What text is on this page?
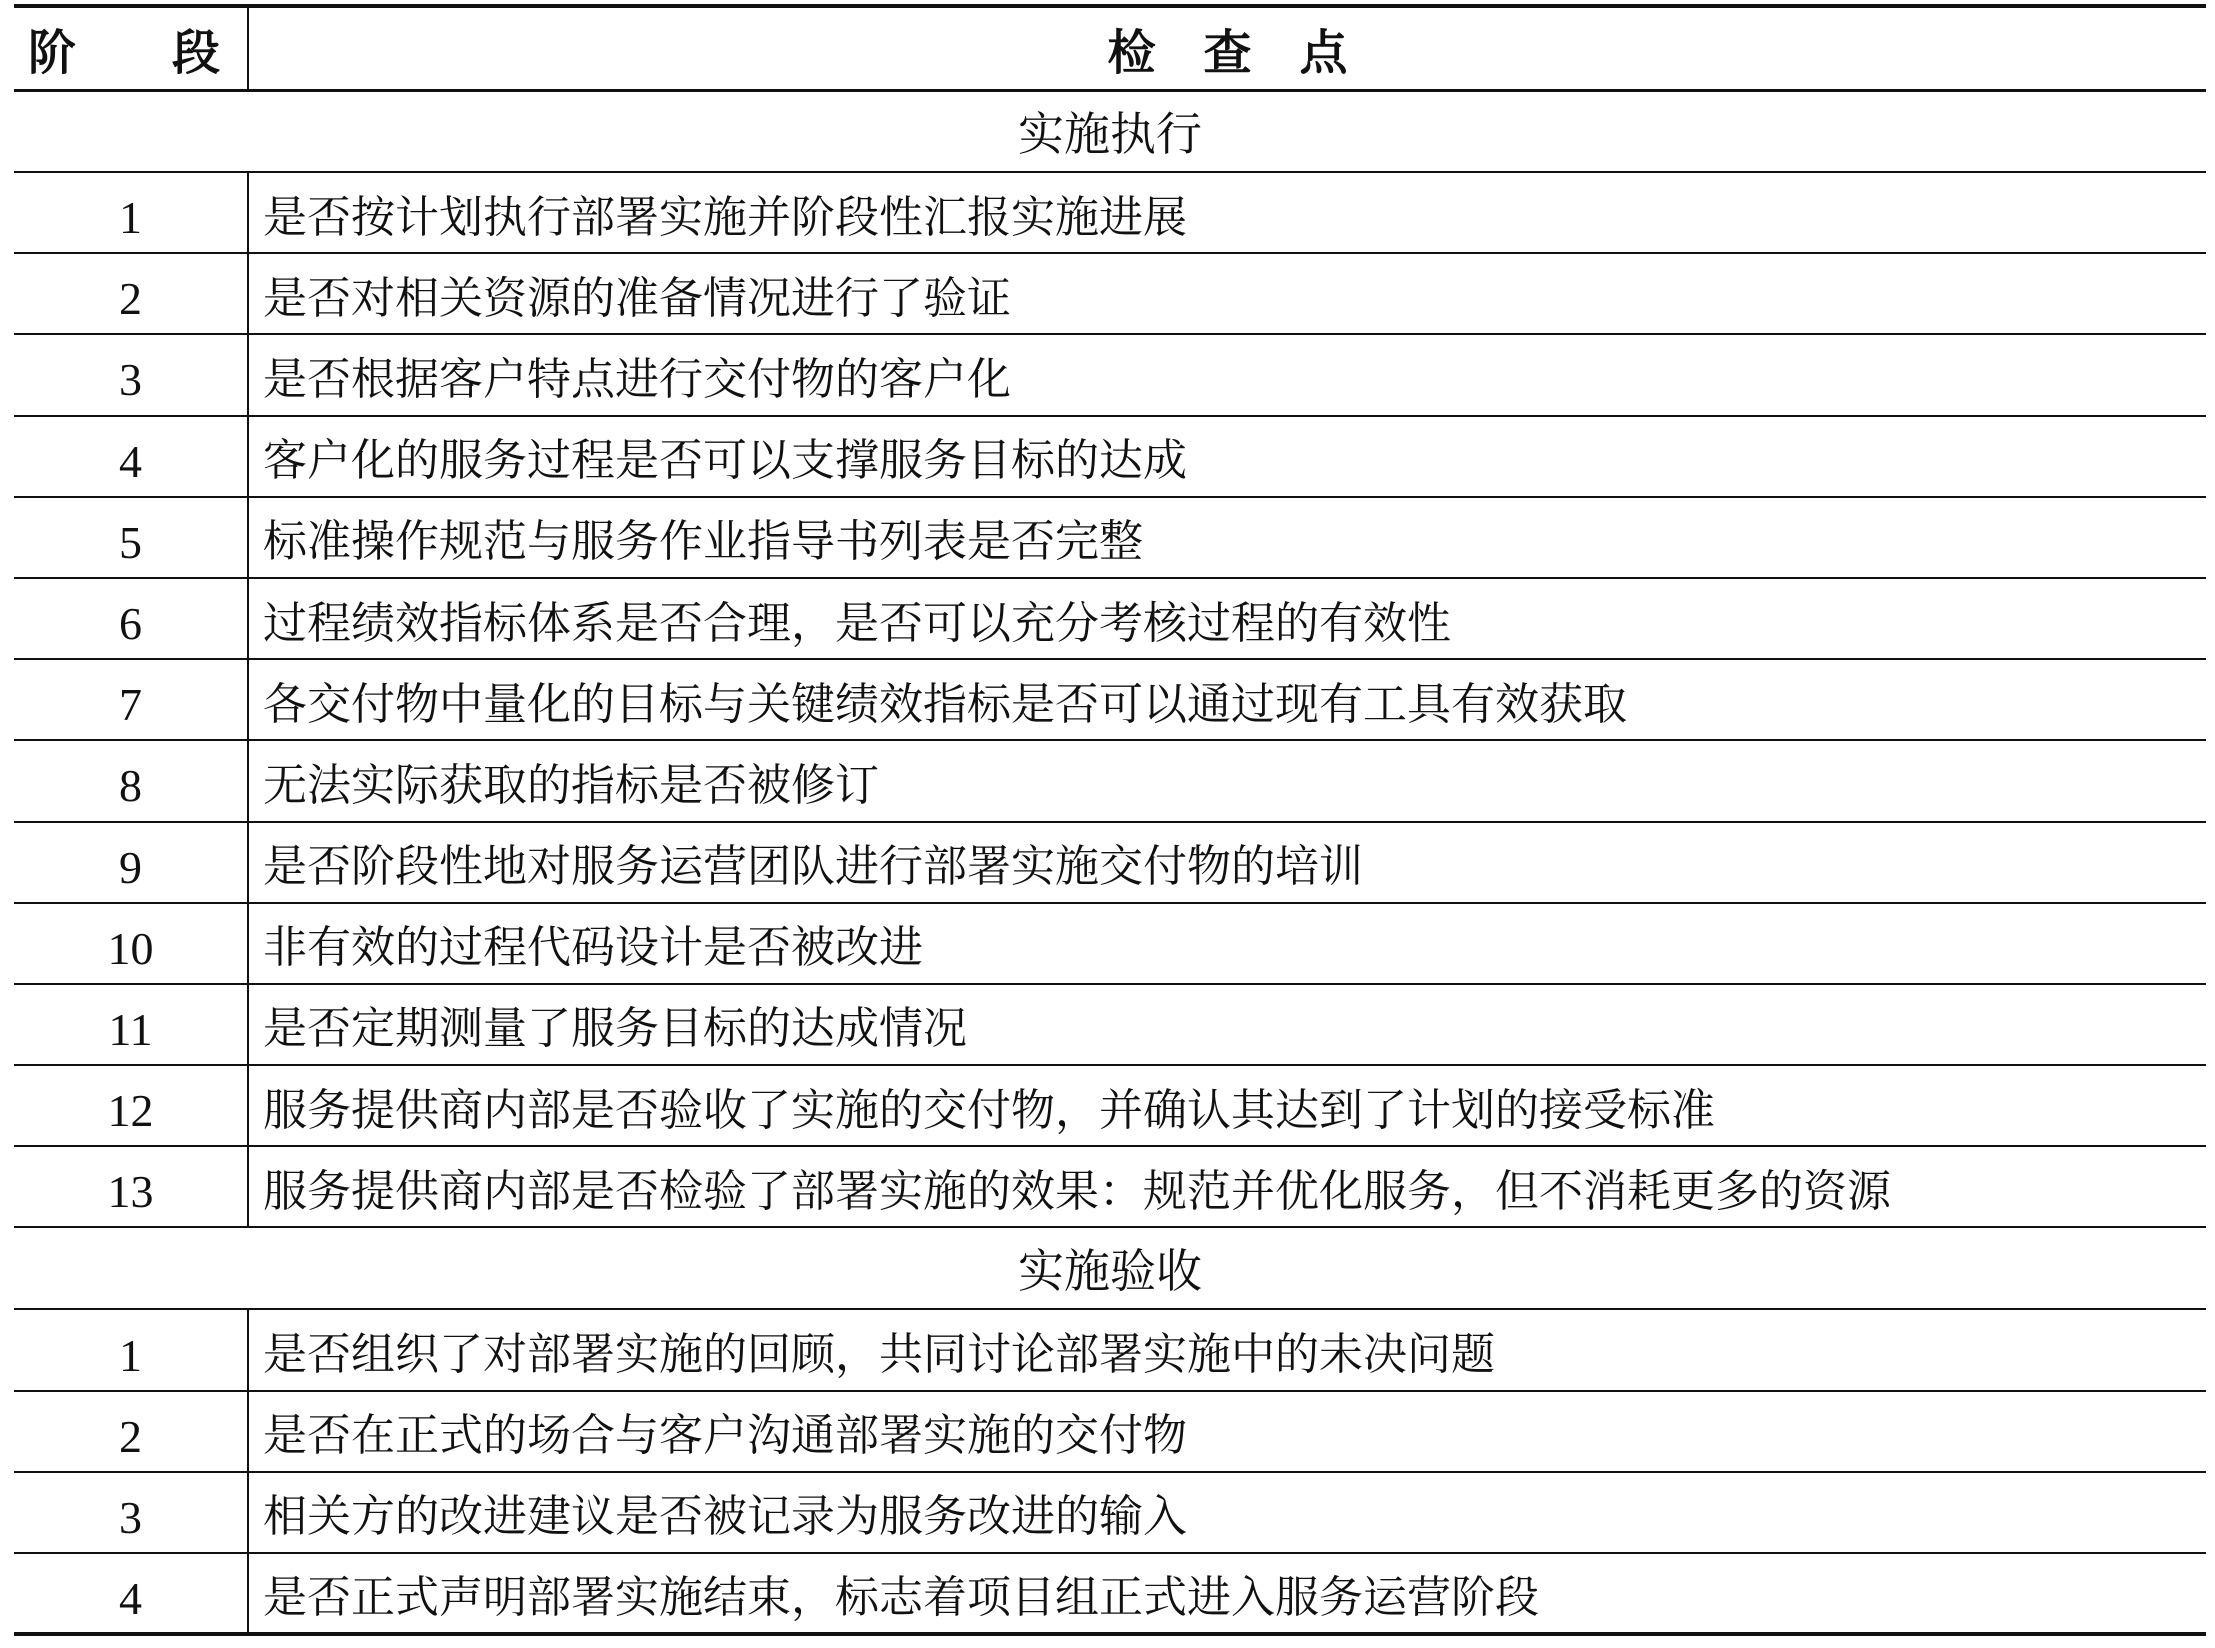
阶　　段	检　查　点
实施执行	
1	是否按计划执行部署实施并阶段性汇报实施进展
2	是否对相关资源的准备情况进行了验证
3	是否根据客户特点进行交付物的客户化
4	客户化的服务过程是否可以支撑服务目标的达成
5	标准操作规范与服务作业指导书列表是否完整
6	过程绩效指标体系是否合理，是否可以充分考核过程的有效性
7	各交付物中量化的目标与关键绩效指标是否可以通过现有工具有效获取
8	无法实际获取的指标是否被修订
9	是否阶段性地对服务运营团队进行部署实施交付物的培训
10	非有效的过程代码设计是否被改进
11	是否定期测量了服务目标的达成情况
12	服务提供商内部是否验收了实施的交付物，并确认其达到了计划的接受标准
13	服务提供商内部是否检验了部署实施的效果：规范并优化服务，但不消耗更多的资源
实施验收	
1	是否组织了对部署实施的回顾，共同讨论部署实施中的未决问题
2	是否在正式的场合与客户沟通部署实施的交付物
3	相关方的改进建议是否被记录为服务改进的输入
4	是否正式声明部署实施结束，标志着项目组正式进入服务运营阶段
